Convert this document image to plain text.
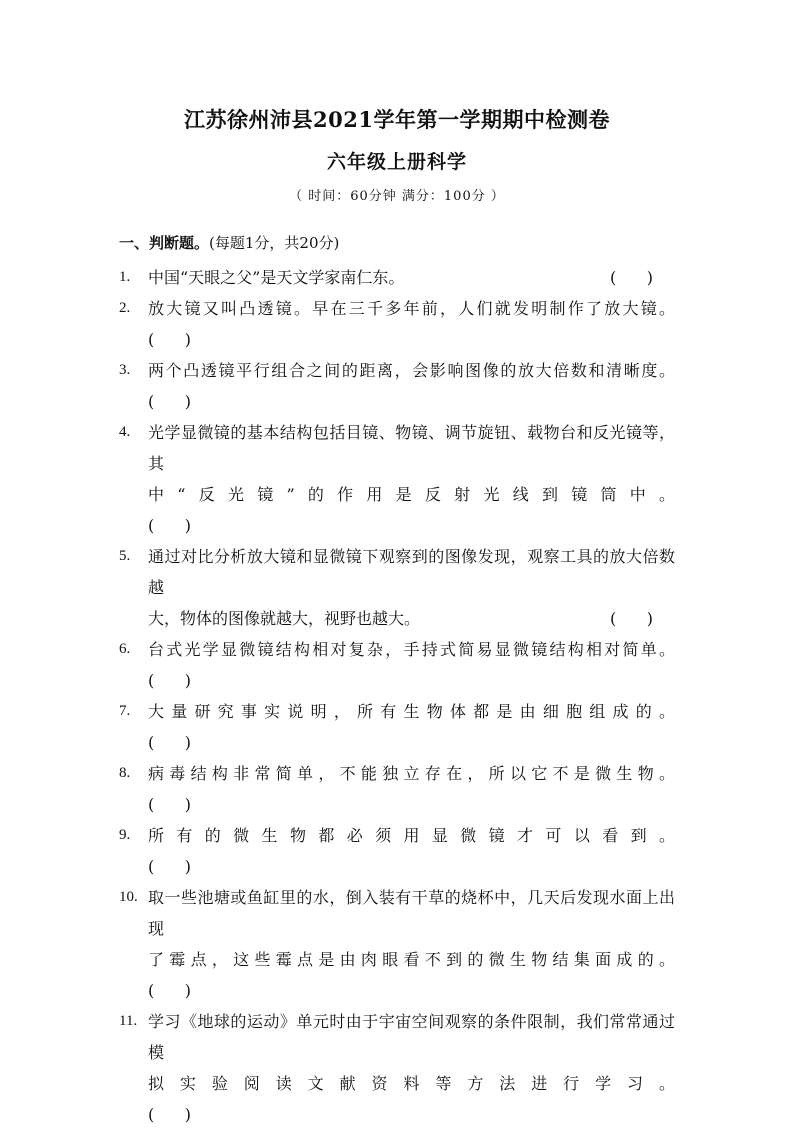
江苏徐州沛县2021学年第一学期期中检测卷
六年级上册科学
（ 时间：60分钟 满分：100分 ）
一、判断题。(每题1分，共20分)
1.	中国“天眼之父”是天文学家南仁东。	(      )
2.	放大镜又叫凸透镜。早在三千多年前，人们就发明制作了放大镜。
(      )
3.	两个凸透镜平行组合之间的距离，会影响图像的放大倍数和清晰度。
(      )
4.	光学显微镜的基本结构包括目镜、物镜、调节旋钮、载物台和反光镜等，其
中“反光镜”的作用是反射光线到镜筒中。
(      )
5.	通过对比分析放大镜和显微镜下观察到的图像发现，观察工具的放大倍数越
大，物体的图像就越大，视野也越大。	(      )
6.	台式光学显微镜结构相对复杂，手持式简易显微镜结构相对简单。
(      )
7.	大量研究事实说明，所有生物体都是由细胞组成的。
(      )
8.	病毒结构非常简单，不能独立存在，所以它不是微生物。
(      )
9.	所有的微生物都必须用显微镜才可以看到。
(      )
10. 取一些池塘或鱼缸里的水，倒入装有干草的烧杯中，几天后发现水面上出现
了霉点，这些霉点是由肉眼看不到的微生物结集面成的。
(      )
11. 学习《地球的运动》单元时由于宇宙空间观察的条件限制，我们常常通过模
拟实验阅读文献资料等方法进行学习。
(      )
